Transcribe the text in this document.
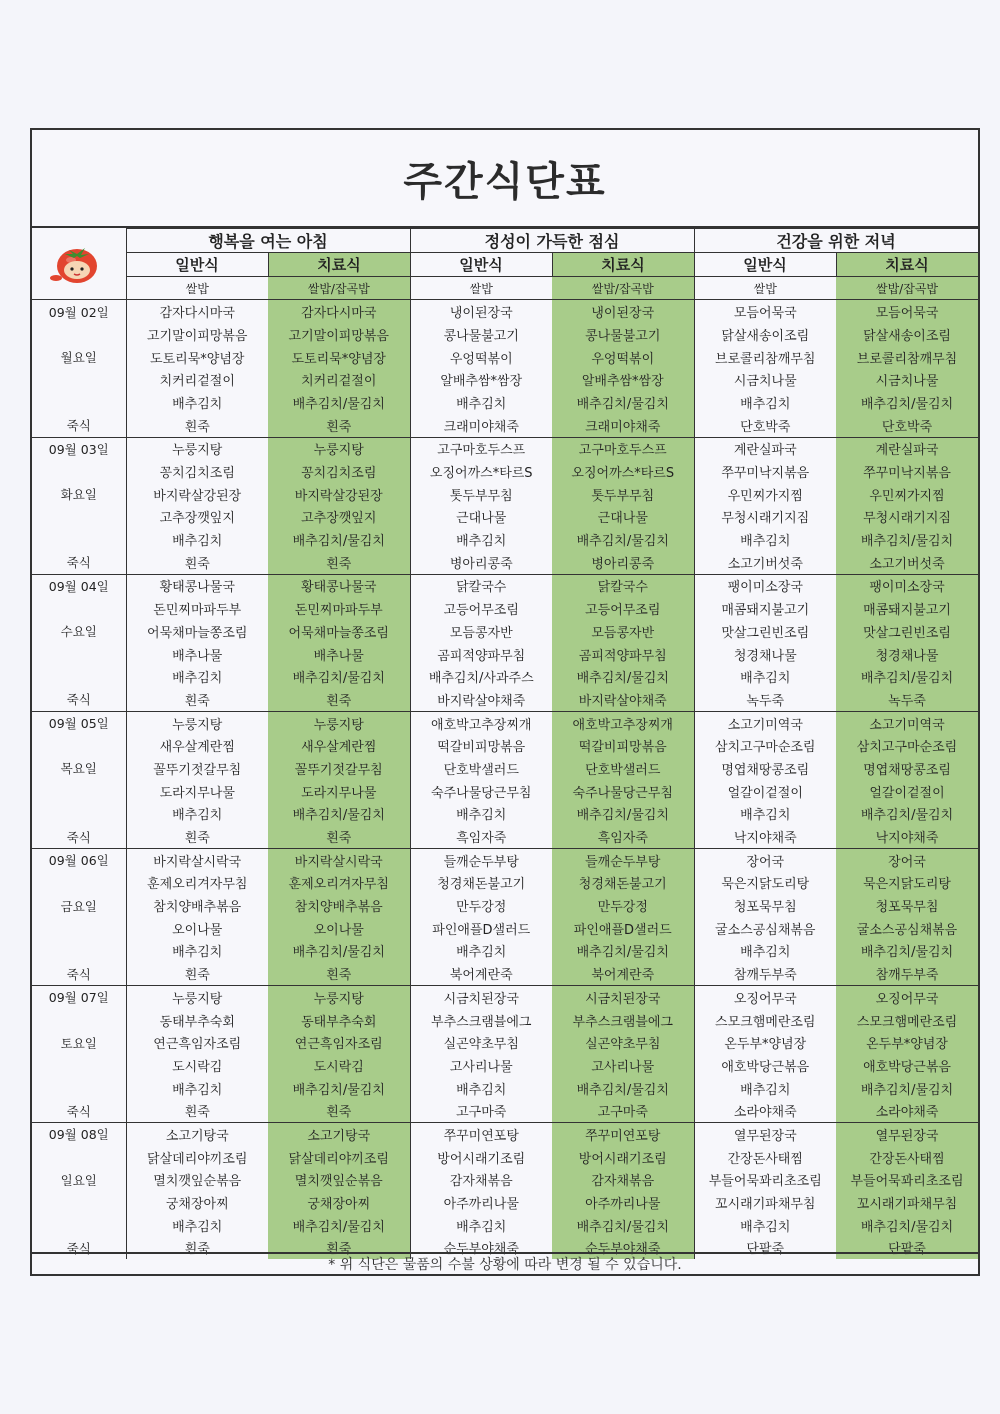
주간식단표
	행복을 여는 아침		정성이 가득한 점심		건강을 위한 저녁	
	일반식	치료식	일반식	치료식	일반식	치료식
	쌀밥	쌀밥/잡곡밥	쌀밥	쌀밥/잡곡밥	쌀밥	쌀밥/잡곡밥
09월 02일	감자다시마국	감자다시마국	냉이된장국	냉이된장국	모듬어묵국	모듬어묵국
	고기말이피망볶음	고기말이피망볶음	콩나물불고기	콩나물불고기	닭살새송이조림	닭살새송이조림
월요일	도토리묵*양념장	도토리묵*양념장	우엉떡볶이	우엉떡볶이	브로콜리참깨무침	브로콜리참깨무침
	치커리겉절이	치커리겉절이	알배추쌈*쌈장	알배추쌈*쌈장	시금치나물	시금치나물
	배추김치	배추김치/물김치	배추김치	배추김치/물김치	배추김치	배추김치/물김치
죽식	흰죽	흰죽	크래미야채죽	크래미야채죽	단호박죽	단호박죽
09월 03일	누룽지탕	누룽지탕	고구마호두스프	고구마호두스프	계란실파국	계란실파국
	꽁치김치조림	꽁치김치조림	오징어까스*타르S	오징어까스*타르S	쭈꾸미낙지볶음	쭈꾸미낙지볶음
화요일	바지락살강된장	바지락살강된장	톳두부무침	톳두부무침	우민찌가지찜	우민찌가지찜
	고추장깻잎지	고추장깻잎지	근대나물	근대나물	무청시래기지짐	무청시래기지짐
	배추김치	배추김치/물김치	배추김치	배추김치/물김치	배추김치	배추김치/물김치
죽식	흰죽	흰죽	병아리콩죽	병아리콩죽	소고기버섯죽	소고기버섯죽
09월 04일	황태콩나물국	황태콩나물국	닭칼국수	닭칼국수	팽이미소장국	팽이미소장국
	돈민찌마파두부	돈민찌마파두부	고등어무조림	고등어무조림	매콤돼지불고기	매콤돼지불고기
수요일	어묵채마늘쫑조림	어묵채마늘쫑조림	모듬콩자반	모듬콩자반	맛살그린빈조림	맛살그린빈조림
	배추나물	배추나물	곰피적양파무침	곰피적양파무침	청경채나물	청경채나물
	배추김치	배추김치/물김치	배추김치/사과주스	배추김치/물김치	배추김치	배추김치/물김치
죽식	흰죽	흰죽	바지락살야채죽	바지락살야채죽	녹두죽	녹두죽
09월 05일	누룽지탕	누룽지탕	애호박고추장찌개	애호박고추장찌개	소고기미역국	소고기미역국
	새우살계란찜	새우살계란찜	떡갈비피망볶음	떡갈비피망볶음	삼치고구마순조림	삼치고구마순조림
목요일	꼴뚜기젓갈무침	꼴뚜기젓갈무침	단호박샐러드	단호박샐러드	명엽채땅콩조림	명엽채땅콩조림
	도라지무나물	도라지무나물	숙주나물당근무침	숙주나물당근무침	얼갈이겉절이	얼갈이겉절이
	배추김치	배추김치/물김치	배추김치	배추김치/물김치	배추김치	배추김치/물김치
죽식	흰죽	흰죽	흑임자죽	흑임자죽	낙지야채죽	낙지야채죽
09월 06일	바지락살시락국	바지락살시락국	들깨순두부탕	들깨순두부탕	장어국	장어국
	훈제오리겨자무침	훈제오리겨자무침	청경채돈불고기	청경채돈불고기	묵은지닭도리탕	묵은지닭도리탕
금요일	참치양배추볶음	참치양배추볶음	만두강정	만두강정	청포묵무침	청포묵무침
	오이나물	오이나물	파인애플D샐러드	파인애플D샐러드	굴소스공심채볶음	굴소스공심채볶음
	배추김치	배추김치/물김치	배추김치	배추김치/물김치	배추김치	배추김치/물김치
죽식	흰죽	흰죽	북어계란죽	북어계란죽	참깨두부죽	참깨두부죽
09월 07일	누룽지탕	누룽지탕	시금치된장국	시금치된장국	오징어무국	오징어무국
	동태부추숙회	동태부추숙회	부추스크램블에그	부추스크램블에그	스모크햄메란조림	스모크햄메란조림
토요일	연근흑임자조림	연근흑임자조림	실곤약초무침	실곤약초무침	온두부*양념장	온두부*양념장
	도시락김	도시락김	고사리나물	고사리나물	애호박당근볶음	애호박당근볶음
	배추김치	배추김치/물김치	배추김치	배추김치/물김치	배추김치	배추김치/물김치
죽식	흰죽	흰죽	고구마죽	고구마죽	소라야채죽	소라야채죽
09월 08일	소고기탕국	소고기탕국	쭈꾸미연포탕	쭈꾸미연포탕	열무된장국	열무된장국
	닭살데리야끼조림	닭살데리야끼조림	방어시래기조림	방어시래기조림	간장돈사태찜	간장돈사태찜
일요일	멸치깻잎순볶음	멸치깻잎순볶음	감자채볶음	감자채볶음	부들어묵꽈리초조림	부들어묵꽈리초조림
	궁채장아찌	궁채장아찌	아주까리나물	아주까리나물	꼬시래기파채무침	꼬시래기파채무침
	배추김치	배추김치/물김치	배추김치	배추김치/물김치	배추김치	배추김치/물김치
죽식	흰죽	흰죽	순두부야채죽	순두부야채죽	단팥죽	단팥죽
* 위 식단은 물품의 수불 상황에 따라 변경 될 수 있습니다.
